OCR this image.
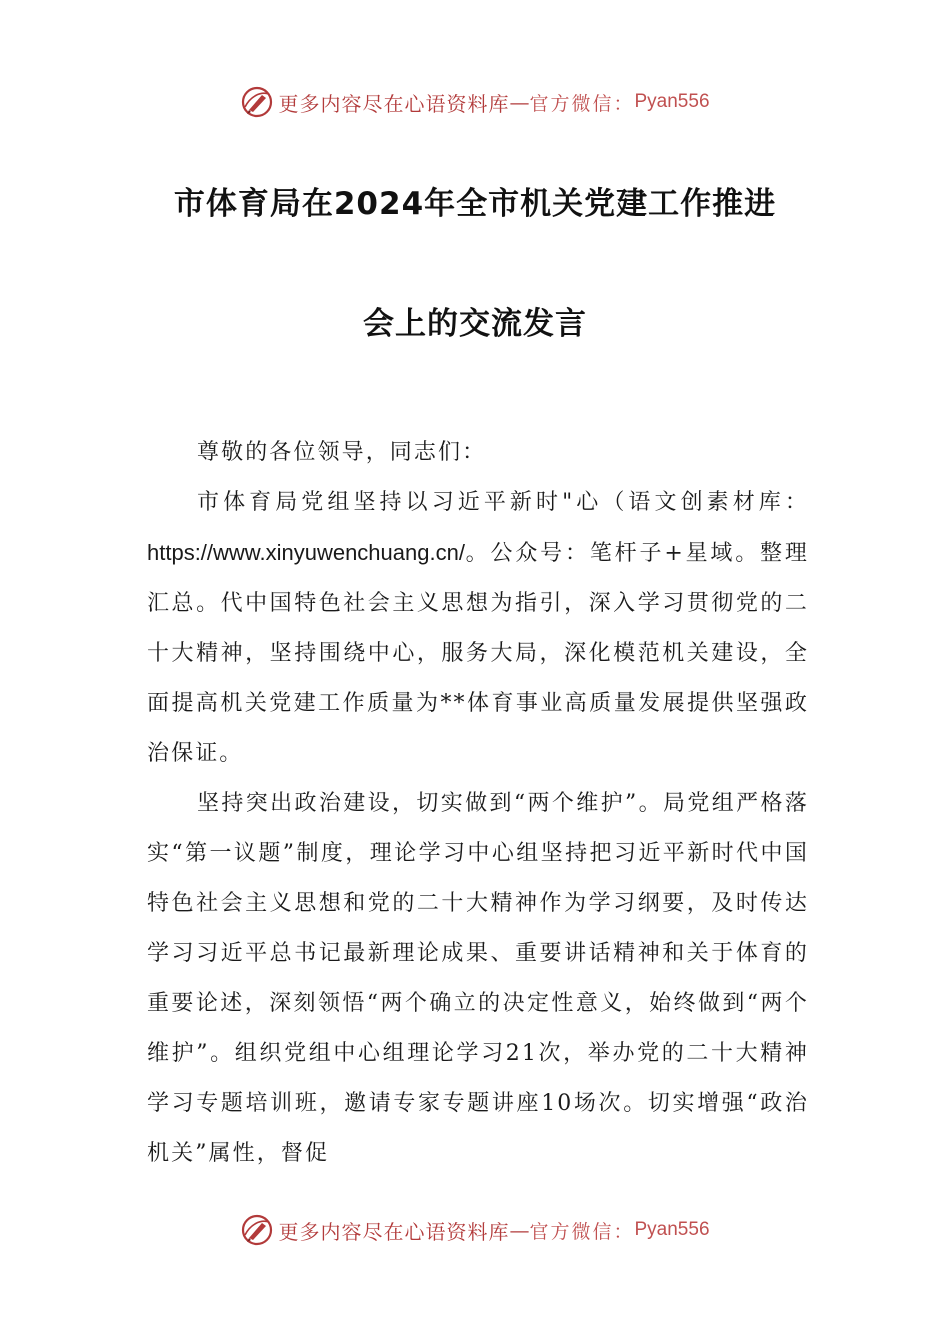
更多内容尽在心语资料库 — 官方微信： Pyan556
市体育局在2024年全市机关党建工作推进
会上的交流发言

尊敬的各位领导，同志们：

市体育局党组坚持以习近平新时"心（语文创素材库：https://www.xinyuwenchuang.cn/。公众号：笔杆子+星域。整理汇总。代中国特色社会主义思想为指引，深入学习贯彻党的二十大精神，坚持围绕中心，服务大局，深化模范机关建设，全面提高机关党建工作质量为**体育事业高质量发展提供坚强政治保证。

坚持突出政治建设，切实做到“两个维护”。局党组严格落实“第一议题”制度，理论学习中心组坚持把习近平新时代中国特色社会主义思想和党的二十大精神作为学习纲要，及时传达学习习近平总书记最新理论成果、重要讲话精神和关于体育的重要论述，深刻领悟“两个确立的决定性意义，始终做到“两个维护”。组织党组中心组理论学习21次，举办党的二十大精神学习专题培训班，邀请专家专题讲座10场次。切实增强“政治机关”属性，督促

更多内容尽在心语资料库 — 官方微信： Pyan556
